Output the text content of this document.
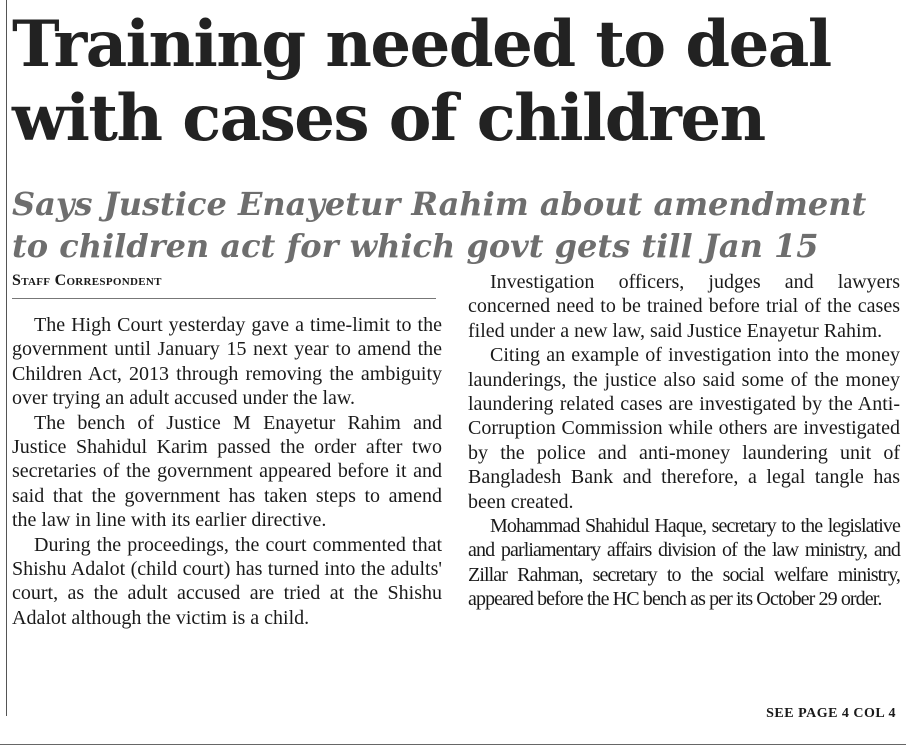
Training needed to deal with cases of children
Says Justice Enayetur Rahim about amendment to children act for which govt gets till Jan 15
Staff Correspondent

The High Court yesterday gave a time-limit to the government until January 15 next year to amend the Children Act, 2013 through removing the ambiguity over trying an adult accused under the law.

The bench of Justice M Enayetur Rahim and Justice Shahidul Karim passed the order after two secretaries of the government appeared before it and said that the government has taken steps to amend the law in line with its earlier directive.

During the proceedings, the court commented that Shishu Adalot (child court) has turned into the adults' court, as the adult accused are tried at the Shishu Adalot although the victim is a child.

Investigation officers, judges and lawyers concerned need to be trained before trial of the cases filed under a new law, said Justice Enayetur Rahim.

Citing an example of investigation into the money launderings, the justice also said some of the money laundering related cases are investigated by the Anti-Corruption Commission while others are investigated by the police and anti-money laundering unit of Bangladesh Bank and therefore, a legal tangle has been created.

Mohammad Shahidul Haque, secretary to the legislative and parliamentary affairs division of the law ministry, and Zillar Rahman, secretary to the social welfare ministry, appeared before the HC bench as per its October 29 order.

SEE PAGE 4 COL 4
